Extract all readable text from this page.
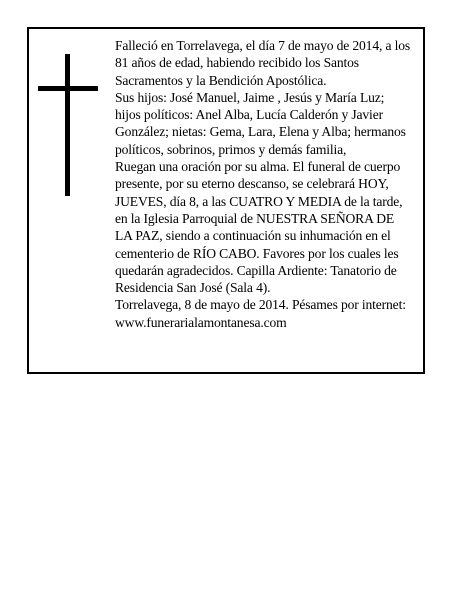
Falleció en Torrelavega, el día 7 de mayo de 2014, a los
81 años de edad, habiendo recibido los Santos
Sacramentos y la Bendición Apostólica.
Sus hijos: José Manuel, Jaime , Jesús y María Luz;
hijos políticos: Anel Alba, Lucía Calderón y Javier
González; nietas: Gema, Lara, Elena y Alba; hermanos
políticos, sobrinos, primos y demás familia,
Ruegan una oración por su alma. El funeral de cuerpo
presente, por su eterno descanso, se celebrará HOY,
JUEVES, día 8, a las CUATRO Y MEDIA de la tarde,
en la Iglesia Parroquial de NUESTRA SEÑORA DE
LA PAZ, siendo a continuación su inhumación en el
cementerio de RÍO CABO. Favores por los cuales les
quedarán agradecidos. Capilla Ardiente: Tanatorio de
Residencia San José (Sala 4).
Torrelavega, 8 de mayo de 2014. Pésames por internet:
www.funerarialamontanesa.com
